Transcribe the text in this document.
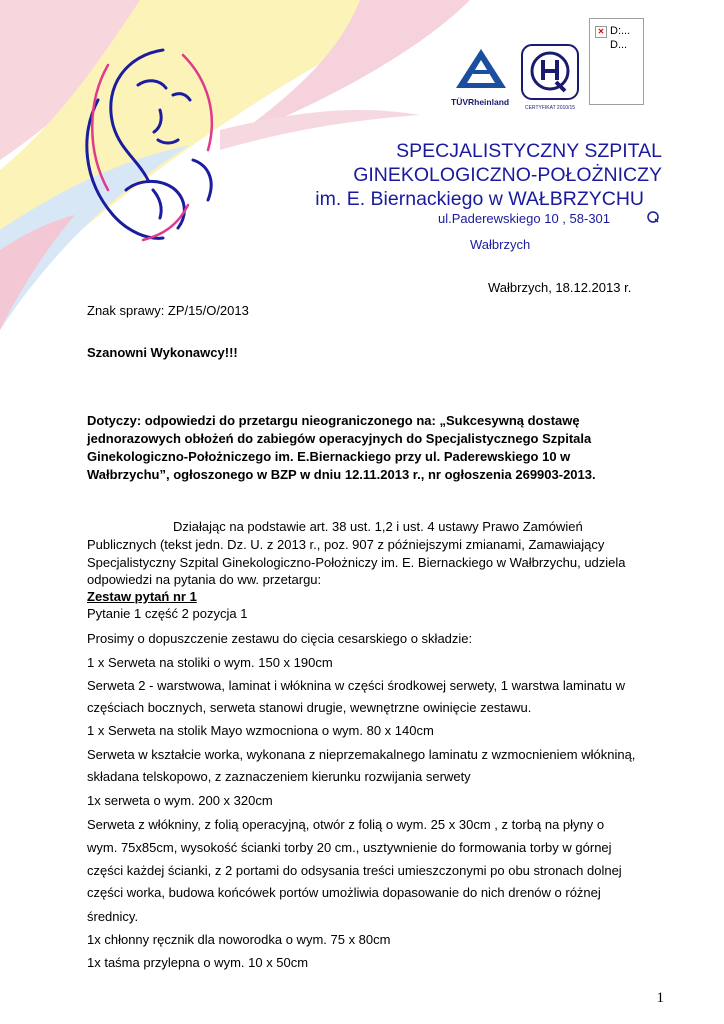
✕ D:...
D...
TÜVRheinland
CERTYFIKAT 2010/15
SPECJALISTYCZNY SZPITAL
GINEKOLOGICZNO-POŁOŻNICZY
im. E. Biernackiego w WAŁBRZYCHU
ul.Paderewskiego 10 , 58-301
Wałbrzych
Wałbrzych, 18.12.2013 r.
Znak sprawy: ZP/15/O/2013
Szanowni Wykonawcy!!!
Dotyczy: odpowiedzi do przetargu nieograniczonego na: „Sukcesywną dostawę
jednorazowych obłożeń do zabiegów operacyjnych do Specjalistycznego Szpitala
Ginekologiczno-Położniczego im. E.Biernackiego przy ul. Paderewskiego 10 w
Wałbrzychu”, ogłoszonego w BZP w dniu 12.11.2013 r., nr ogłoszenia 269903-2013.
Działając na podstawie art. 38 ust. 1,2 i ust. 4 ustawy Prawo Zamówień
Publicznych (tekst jedn. Dz. U. z 2013 r., poz. 907 z późniejszymi zmianami, Zamawiający
Specjalistyczny Szpital Ginekologiczno-Położniczy im. E. Biernackiego w Wałbrzychu, udziela
odpowiedzi na pytania do ww. przetargu:
Zestaw pytań nr 1
Pytanie 1 część 2 pozycja 1
Prosimy o dopuszczenie zestawu do cięcia cesarskiego o składzie:
1 x Serweta na stoliki o wym. 150 x 190cm
Serweta 2 - warstwowa, laminat i włóknina w części środkowej serwety, 1 warstwa laminatu w
częściach bocznych, serweta stanowi drugie, wewnętrzne owinięcie zestawu.
1 x Serweta na stolik Mayo wzmocniona o wym. 80 x 140cm
Serweta w kształcie worka, wykonana z nieprzemakalnego laminatu z wzmocnieniem włókniną,
składana telskopowo, z zaznaczeniem kierunku rozwijania serwety
1x serweta o wym. 200 x 320cm
Serweta z włókniny, z folią operacyjną, otwór z folią o wym. 25 x 30cm , z torbą na płyny o
wym. 75x85cm, wysokość ścianki torby 20 cm., usztywnienie do formowania torby w górnej
części każdej ścianki, z 2 portami do odsysania treści umieszczonymi po obu stronach dolnej
części worka, budowa końcówek portów umożliwia dopasowanie do nich drenów o różnej
średnicy.
1x chłonny ręcznik dla noworodka o wym. 75 x 80cm
1x taśma przylepna o wym. 10 x 50cm
1
